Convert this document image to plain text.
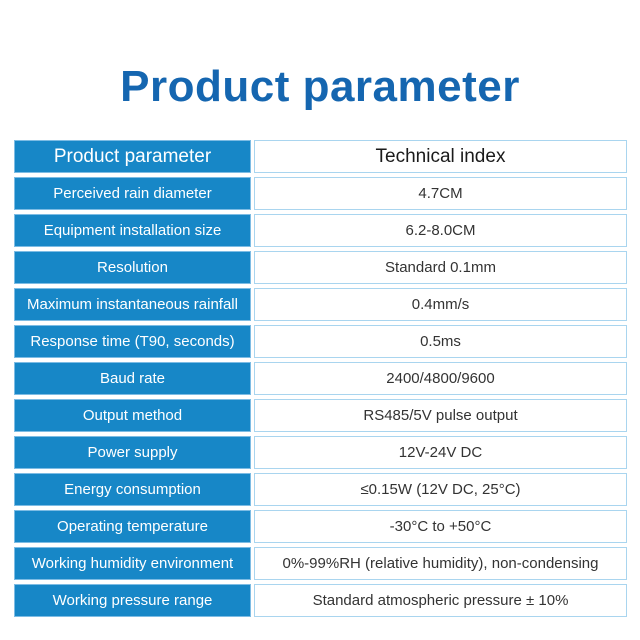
Product parameter
Product parameter	Technical index
Perceived rain diameter	4.7CM
Equipment installation size	6.2-8.0CM
Resolution	Standard 0.1mm
Maximum instantaneous rainfall	0.4mm/s
Response time (T90, seconds)	0.5ms
Baud rate	2400/4800/9600
Output method	RS485/5V pulse output
Power supply	12V-24V DC
Energy consumption	≤0.15W (12V DC, 25°C)
Operating temperature	-30°C to +50°C
Working humidity environment	0%-99%RH (relative humidity), non-condensing
Working pressure range	Standard atmospheric pressure ± 10%
